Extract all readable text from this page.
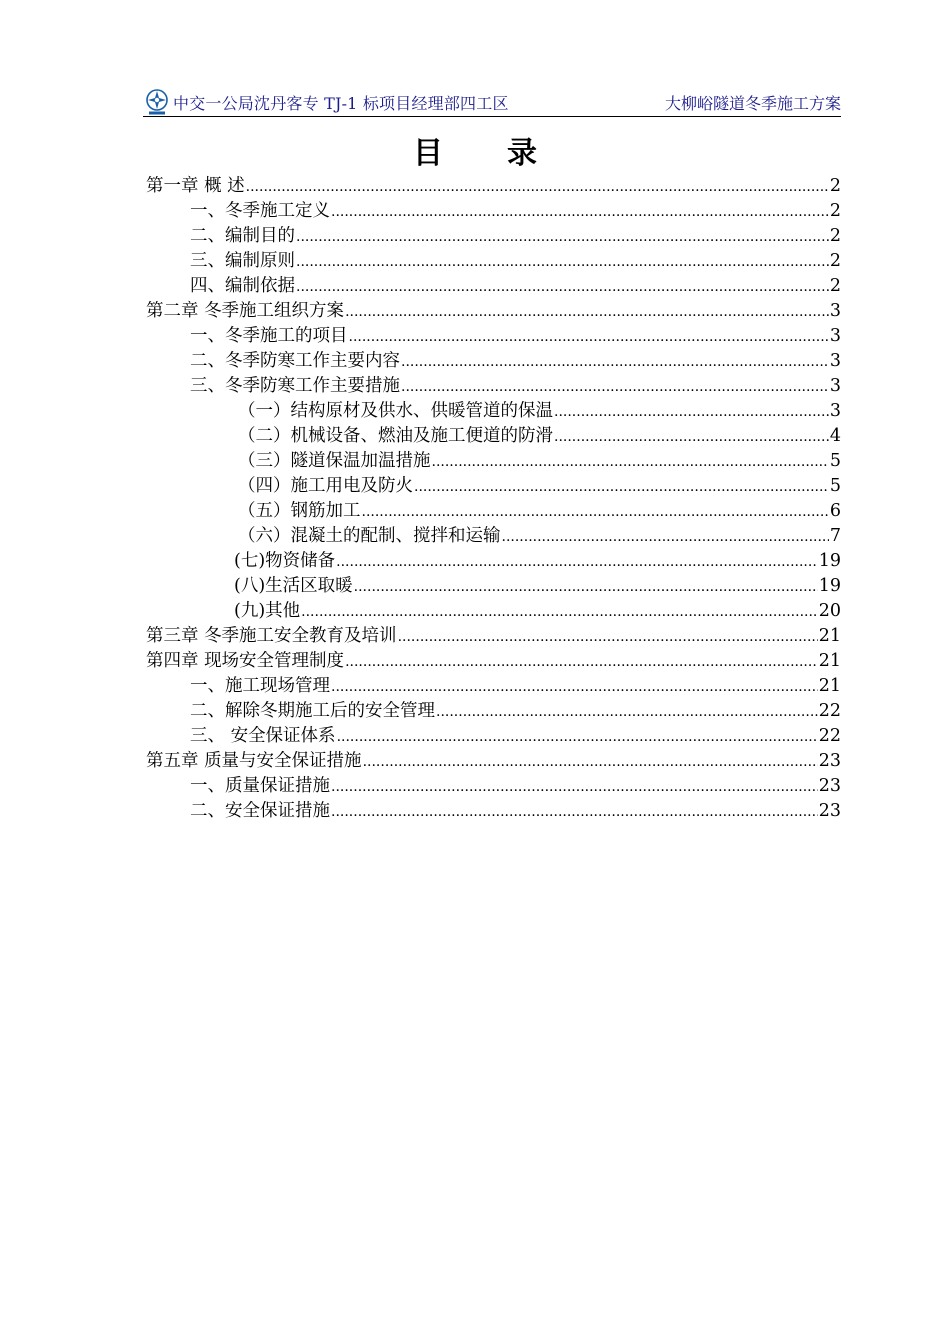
中交一公局沈丹客专 TJ-1 标项目经理部四工区	大柳峪隧道冬季施工方案
目录
第一章 概 述 .....	2
一、冬季施工定义 .....	2
二、编制目的 .....	2
三、编制原则 .....	2
四、编制依据 .....	2
第二章 冬季施工组织方案 .....	3
一、冬季施工的项目 .....	3
二、冬季防寒工作主要内容 .....	3
三、冬季防寒工作主要措施 .....	3
（一）结构原材及供水、供暖管道的保温 .....	3
（二）机械设备、燃油及施工便道的防滑 .....	4
（三）隧道保温加温措施 .....	5
（四）施工用电及防火 .....	5
（五）钢筋加工 .....	6
（六）混凝土的配制、搅拌和运输 .....	7
(七)物资储备 .....	19
(八)生活区取暖 .....	19
(九)其他 .....	20
第三章 冬季施工安全教育及培训 .....	21
第四章 现场安全管理制度 .....	21
一、施工现场管理 .....	21
二、解除冬期施工后的安全管理 .....	22
三、 安全保证体系 .....	22
第五章 质量与安全保证措施 .....	23
一、质量保证措施 .....	23
二、安全保证措施 .....	23
